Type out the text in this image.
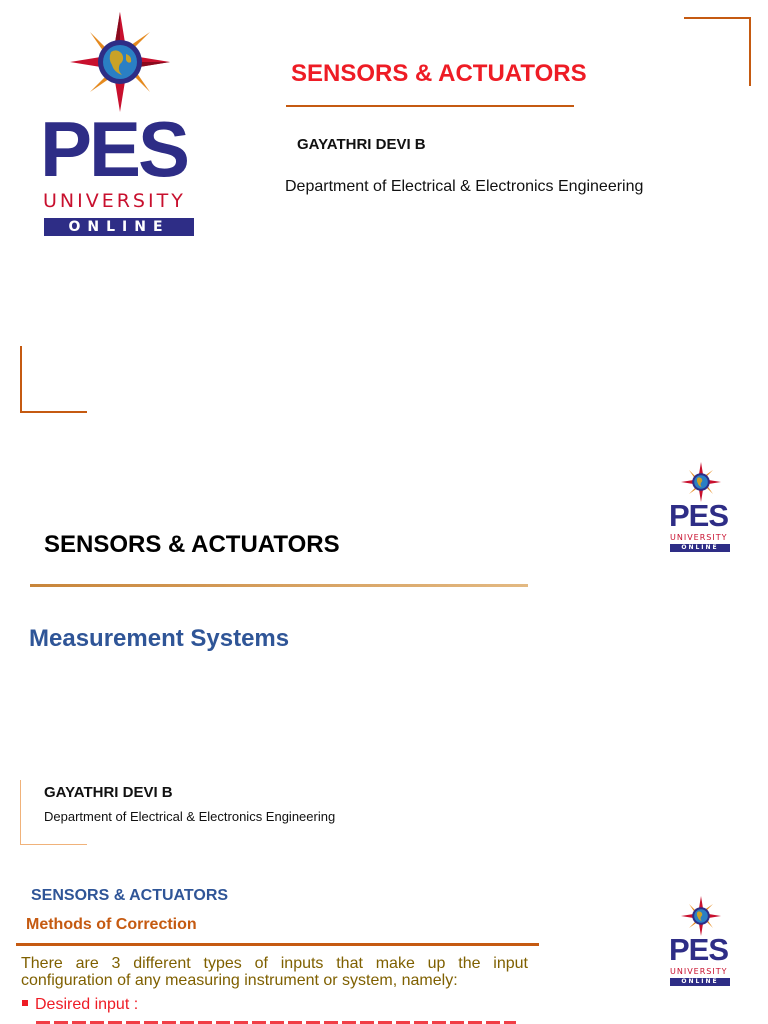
PES
UNIVERSITY
ONLINE
SENSORS & ACTUATORS
GAYATHRI DEVI B
Department of Electrical & Electronics Engineering
PES
UNIVERSITY
ONLINE
SENSORS & ACTUATORS
Measurement Systems
GAYATHRI DEVI B
Department of Electrical & Electronics Engineering
PES
UNIVERSITY
ONLINE
SENSORS & ACTUATORS
Methods of Correction
There are 3 different types of inputs that make up the input
configuration of any measuring instrument or system, namely:
Desired input :
